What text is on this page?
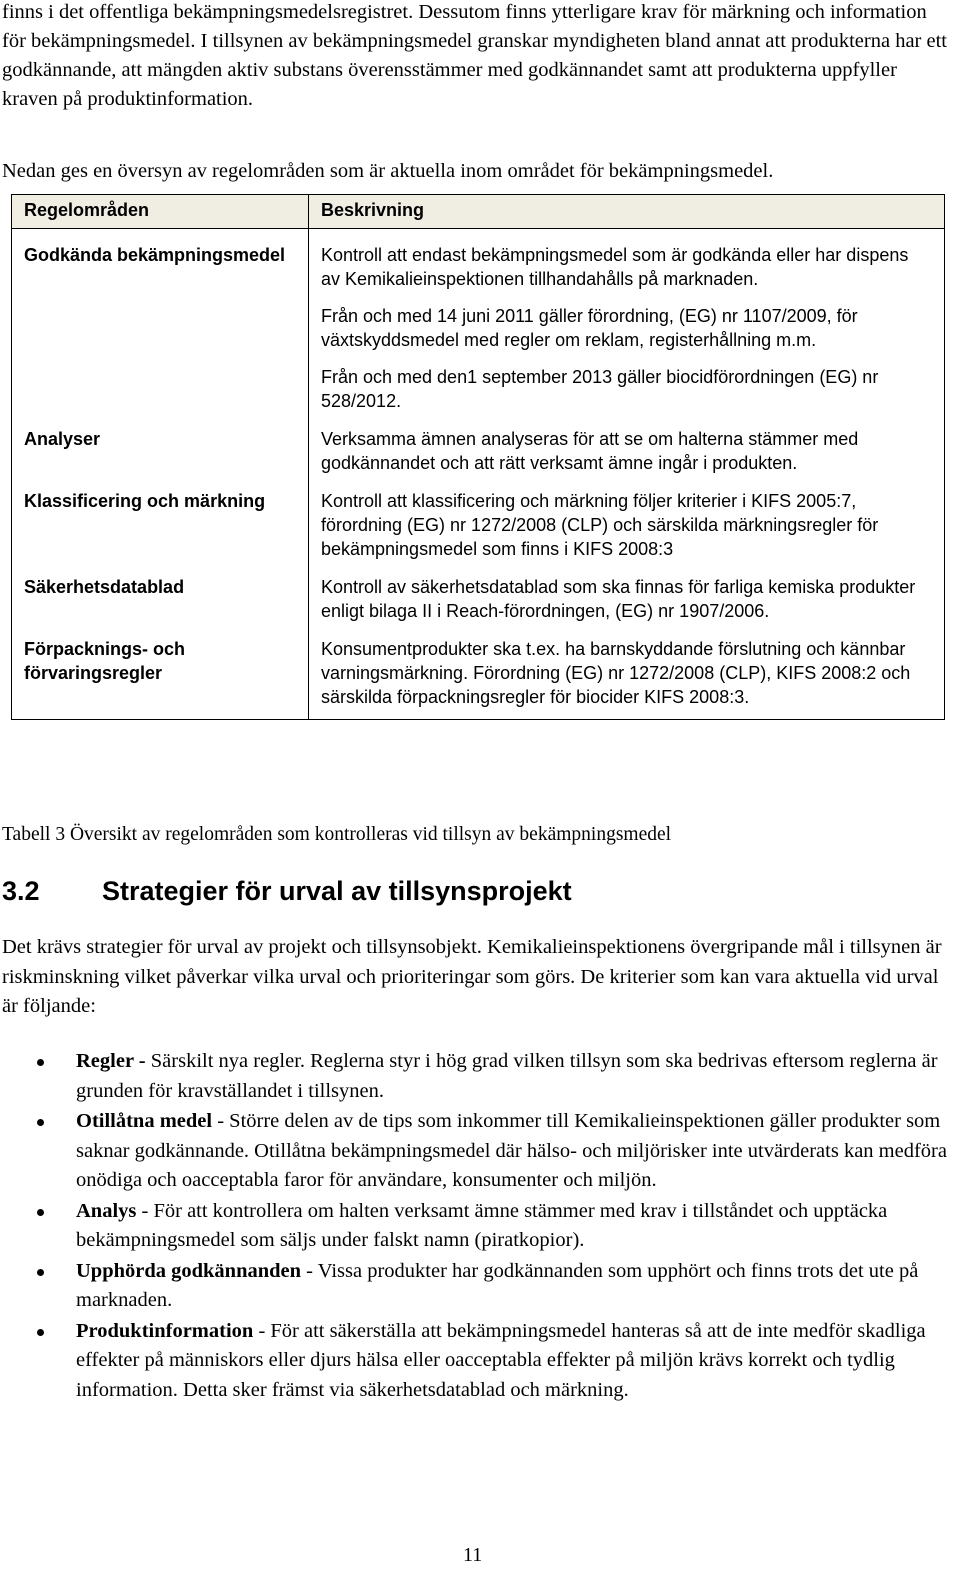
finns i det offentliga bekämpningsmedelsregistret. Dessutom finns ytterligare krav för märkning och information för bekämpningsmedel. I tillsynen av bekämpningsmedel granskar myndigheten bland annat att produkterna har ett godkännande, att mängden aktiv substans överensstämmer med godkännandet samt att produkterna uppfyller kraven på produktinformation.

Nedan ges en översyn av regelområden som är aktuella inom området för bekämpningsmedel.

Regelområden	Beskrivning
Godkända bekämpningsmedel	Kontroll att endast bekämpningsmedel som är godkända eller har dispens av Kemikalieinspektionen tillhandahålls på marknaden.

Från och med 14 juni 2011 gäller förordning, (EG) nr 1107/2009, för växtskyddsmedel med regler om reklam, registerhållning m.m.

Från och med den1 september 2013 gäller biocidförordningen (EG) nr 528/2012.

Analyser	Verksamma ämnen analyseras för att se om halterna stämmer med godkännandet och att rätt verksamt ämne ingår i produkten.

Klassificering och märkning	Kontroll att klassificering och märkning följer kriterier i KIFS 2005:7, förordning (EG) nr 1272/2008 (CLP) och särskilda märkningsregler för bekämpningsmedel som finns i KIFS 2008:3

Säkerhetsdatablad	Kontroll av säkerhetsdatablad som ska finnas för farliga kemiska produkter enligt bilaga II i Reach-förordningen, (EG) nr 1907/2006.

Förpacknings- och förvaringsregler	Konsumentprodukter ska t.ex. ha barnskyddande förslutning och kännbar varningsmärkning. Förordning (EG) nr 1272/2008 (CLP), KIFS 2008:2 och särskilda förpackningsregler för biocider KIFS 2008:3.

Tabell 3 Översikt av regelområden som kontrolleras vid tillsyn av bekämpningsmedel

3.2 Strategier för urval av tillsynsprojekt

Det krävs strategier för urval av projekt och tillsynsobjekt. Kemikalieinspektionens övergripande mål i tillsynen är riskminskning vilket påverkar vilka urval och prioriteringar som görs. De kriterier som kan vara aktuella vid urval är följande:

Regler - Särskilt nya regler. Reglerna styr i hög grad vilken tillsyn som ska bedrivas eftersom reglerna är grunden för kravställandet i tillsynen.
Otillåtna medel - Större delen av de tips som inkommer till Kemikalieinspektionen gäller produkter som saknar godkännande. Otillåtna bekämpningsmedel där hälso- och miljörisker inte utvärderats kan medföra onödiga och oacceptabla faror för användare, konsumenter och miljön.
Analys - För att kontrollera om halten verksamt ämne stämmer med krav i tillståndet och upptäcka bekämpningsmedel som säljs under falskt namn (piratkopior).
Upphörda godkännanden - Vissa produkter har godkännanden som upphört och finns trots det ute på marknaden.
Produktinformation - För att säkerställa att bekämpningsmedel hanteras så att de inte medför skadliga effekter på människors eller djurs hälsa eller oacceptabla effekter på miljön krävs korrekt och tydlig information. Detta sker främst via säkerhetsdatablad och märkning.

11
